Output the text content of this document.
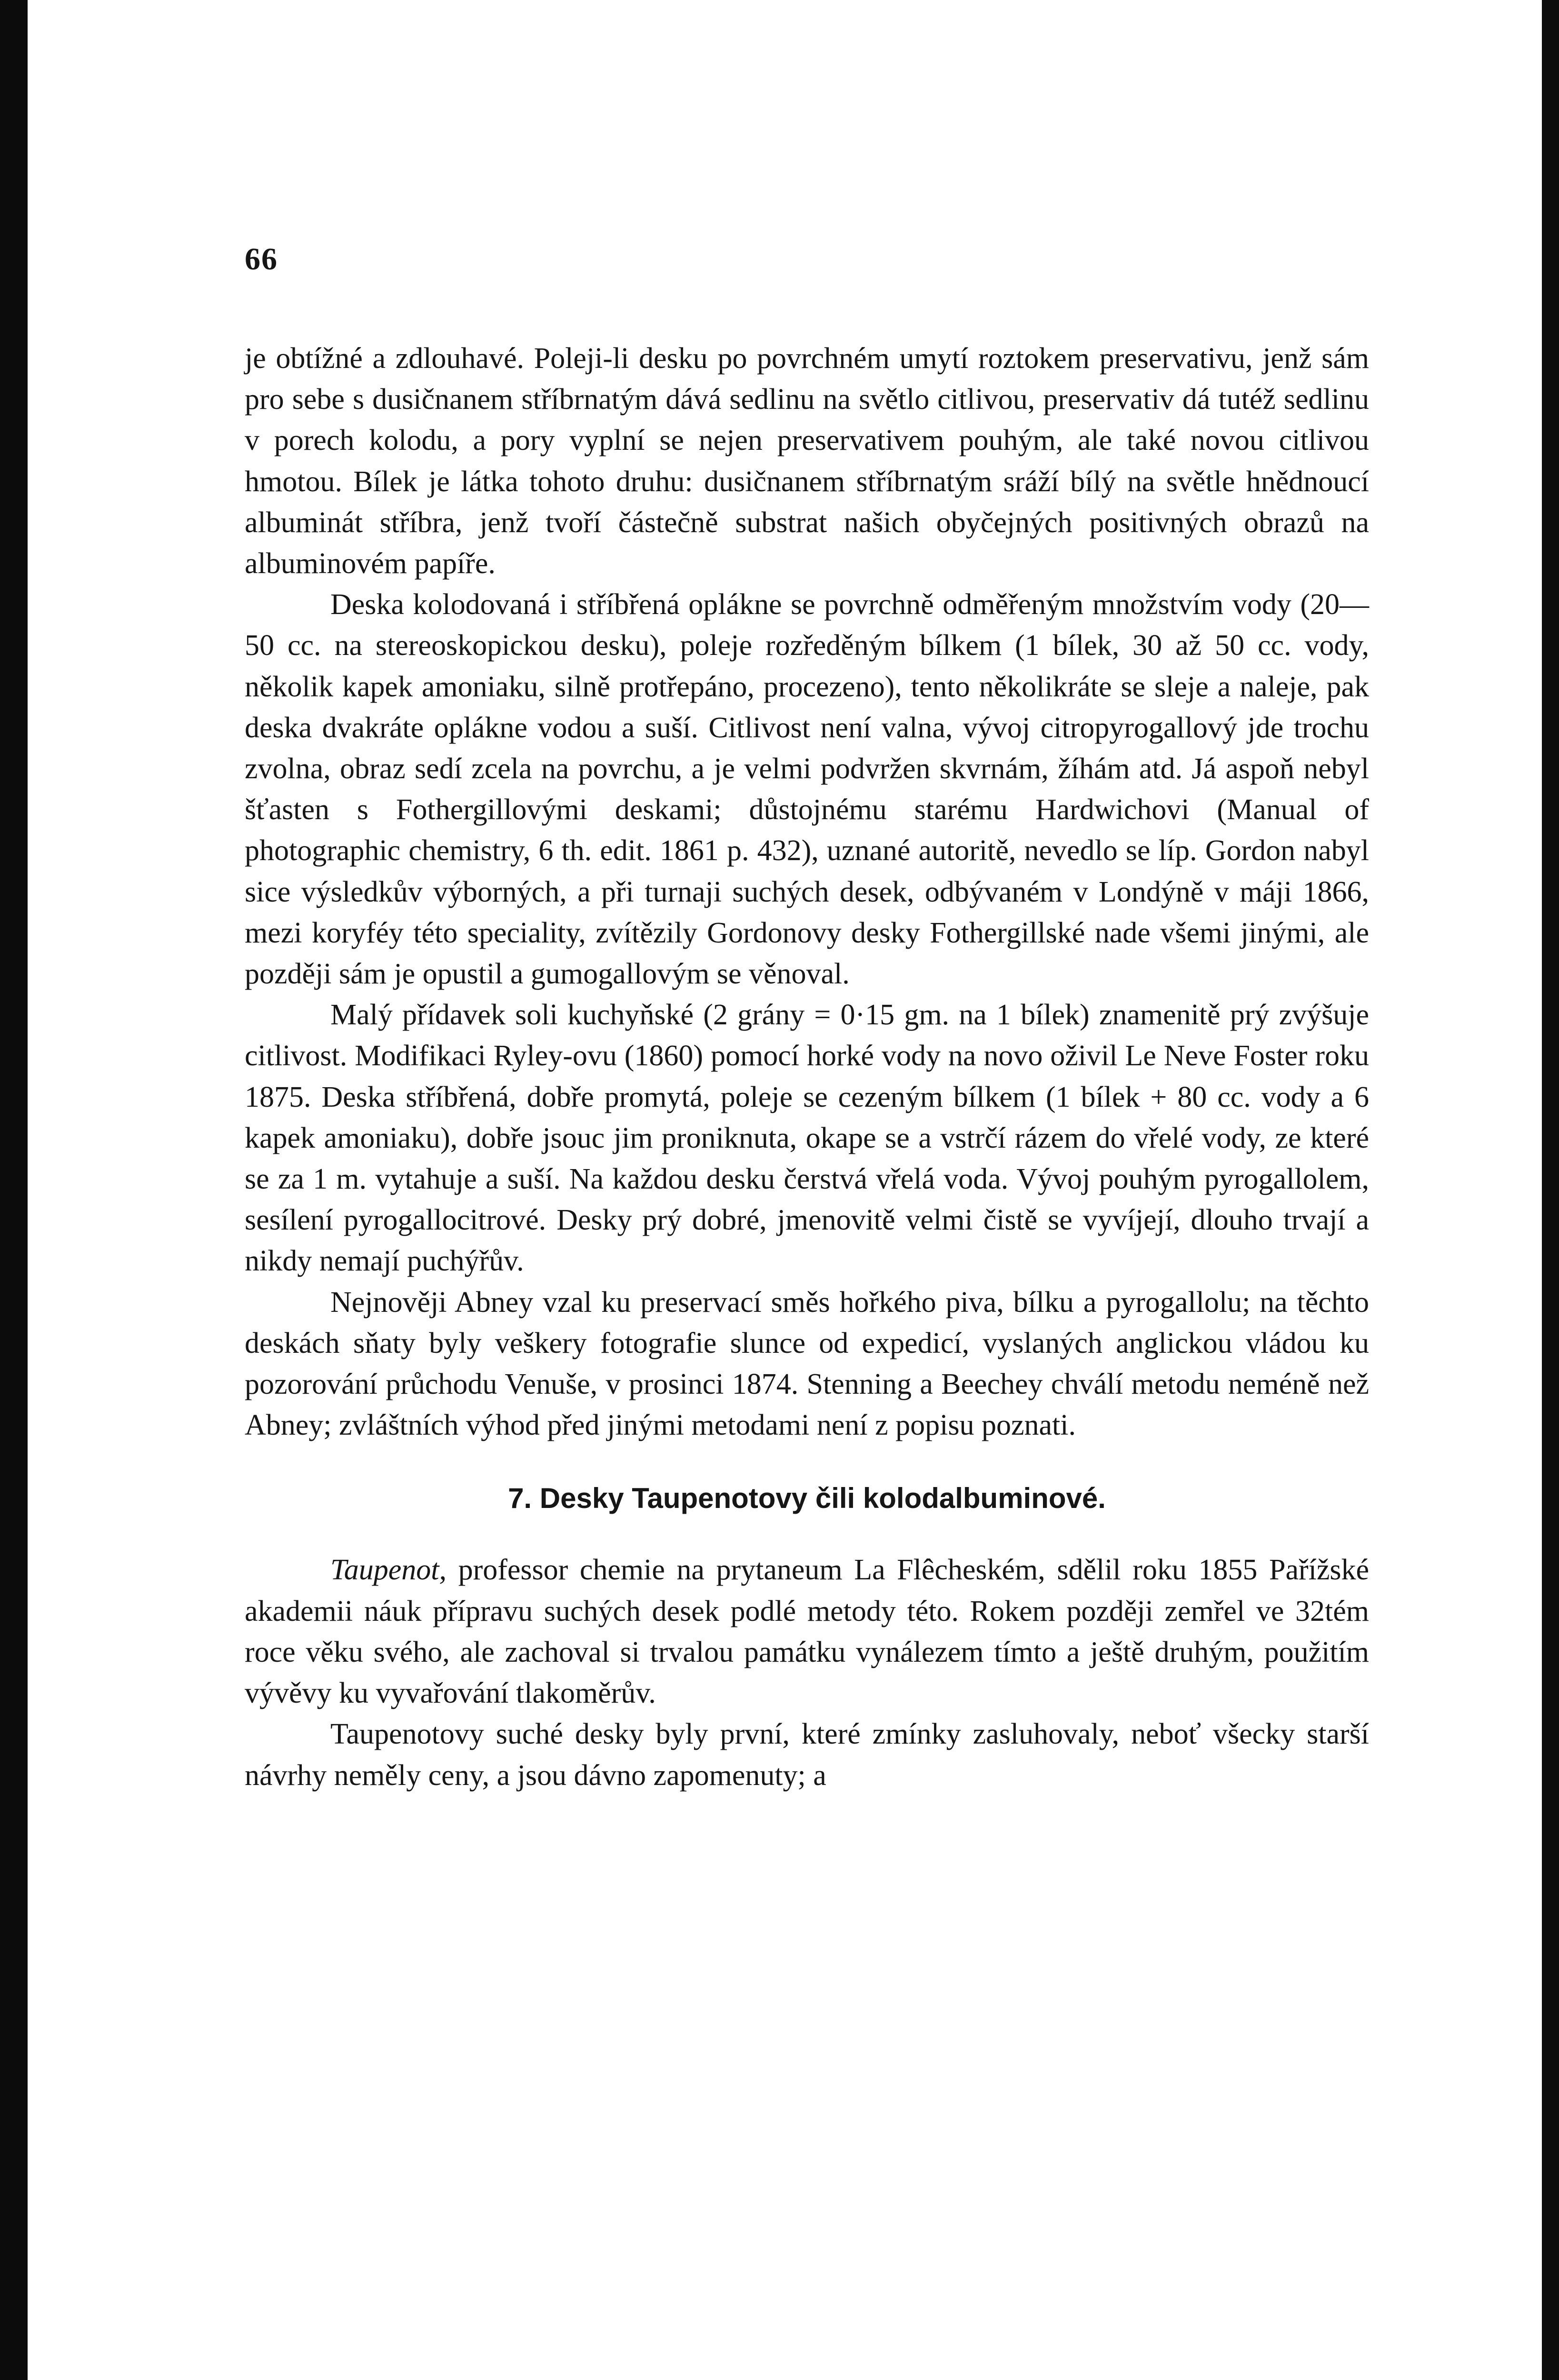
66

je obtížné a zdlouhavé. Poleji-li desku po povrchném umytí roztokem preservativu, jenž sám pro sebe s dusičnanem stříbrnatým dává sedlinu na světlo citlivou, preservativ dá tutéž sedlinu v porech kolodu, a pory vyplní se nejen preservativem pouhým, ale také novou citlivou hmotou. Bílek je látka tohoto druhu: dusičnanem stříbrnatým sráží bílý na světle hnědnoucí albuminát stříbra, jenž tvoří částečně substrat našich obyčejných positivných obrazů na albuminovém papíře.

Deska kolodovaná i stříbřená opláknе se povrchně odměřeným množstvím vody (20—50 cc. na stereoskopickou desku), poleje rozředěným bílkem (1 bílek, 30 až 50 cc. vody, několik kapek amoniaku, silně protřepáno, procezeno), tento několikráte se sleje a naleje, pak deska dvakráte opláknе vodou a suší. Citlivost není valna, vývoj citropyrogallový jde trochu zvolna, obraz sedí zcela na povrchu, a je velmi podvržen skvrnám, žíhám atd. Já aspoň nebyl šťasten s Fothergillovými deskami; důstojnému starému Hardwichovi (Manual of photographic chemistry, 6 th. edit. 1861 p. 432), uznané autoritě, nevedlo se líp. Gordon nabyl sice výsledkův výborných, a při turnaji suchých desek, odbývaném v Londýně v máji 1866, mezi koryféy této speciality, zvítězily Gordonovy desky Fothergillské nade všemi jinými, ale později sám je opustil a gumogallovým se věnoval.

Malý přídavek soli kuchyňské (2 grány = 0·15 gm. na 1 bílek) znamenitě prý zvýšuje citlivost. Modifikaci Ryley-ovu (1860) pomocí horké vody na novo oživil Le Neve Foster roku 1875. Deska stříbřená, dobře promytá, poleje se cezeným bílkem (1 bílek + 80 cc. vody a 6 kapek amoniaku), dobře jsouc jim proniknuta, okape se a vstrčí rázem do vřelé vody, ze které se za 1 m. vytahuje a suší. Na každou desku čerstvá vřelá voda. Vývoj pouhým pyrogallolem, sesílení pyrogallocitrové. Desky prý dobré, jmenovitě velmi čistě se vyvíjejí, dlouho trvají a nikdy nemají puchýřův.

Nejnověji Abney vzal ku preservací směs hořkého piva, bílku a pyrogallolu; na těchto deskách sňaty byly veškery fotografie slunce od expedicí, vyslaných anglickou vládou ku pozorování průchodu Venuše, v prosinci 1874. Stenning a Beechey chválí metodu neméně než Abney; zvláštních výhod před jinými metodami není z popisu poznati.

7. Desky Taupenotovy čili kolodalbuminové.

Taupenot, professor chemie na prytaneum La Flêcheském, sdělil roku 1855 Pařížské akademii náuk přípravu suchých desek podlé metody této. Rokem později zemřel ve 32tém roce věku svého, ale zachoval si trvalou památku vynálezem tímto a ještě druhým, použitím vývěvy ku vyvařování tlakoměrův.

Taupenotovy suché desky byly první, které zmínky zasluhovaly, neboť všecky starší návrhy neměly ceny, a jsou dávno zapomenuty; a
